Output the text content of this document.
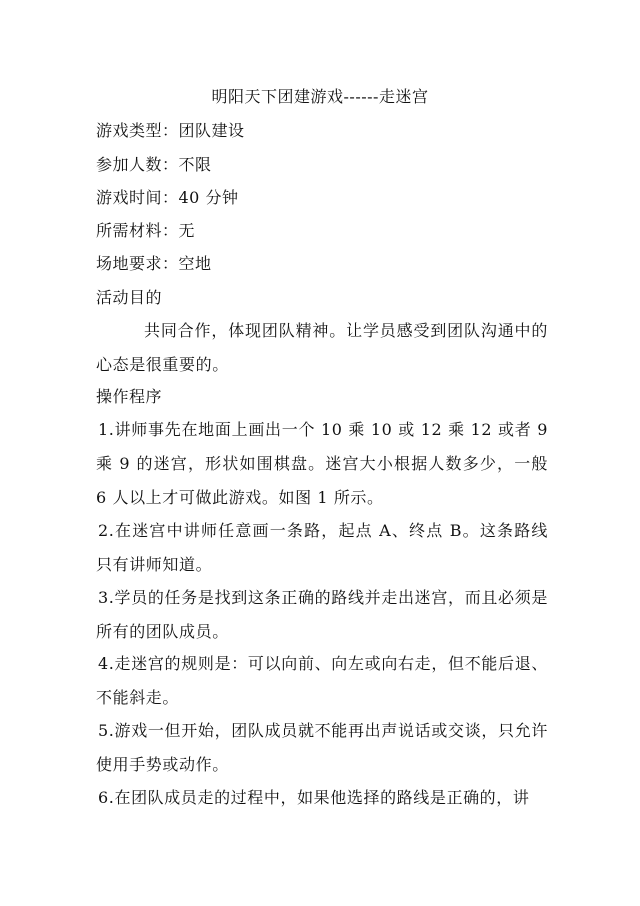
明阳天下团建游戏------走迷宫
游戏类型：团队建设
参加人数：不限
游戏时间：40 分钟
所需材料：无
场地要求：空地
活动目的
共同合作，体现团队精神。让学员感受到团队沟通中的心态是很重要的。
操作程序
1.讲师事先在地面上画出一个 10 乘 10 或 12 乘 12 或者 9 乘 9 的迷宫，形状如围棋盘。迷宫大小根据人数多少，一般 6 人以上才可做此游戏。如图 1 所示。
2.在迷宫中讲师任意画一条路，起点 A、终点 B。这条路线只有讲师知道。
3.学员的任务是找到这条正确的路线并走出迷宫，而且必须是所有的团队成员。
4.走迷宫的规则是：可以向前、向左或向右走，但不能后退、不能斜走。
5.游戏一但开始，团队成员就不能再出声说话或交谈，只允许使用手势或动作。
6.在团队成员走的过程中，如果他选择的路线是正确的，讲
